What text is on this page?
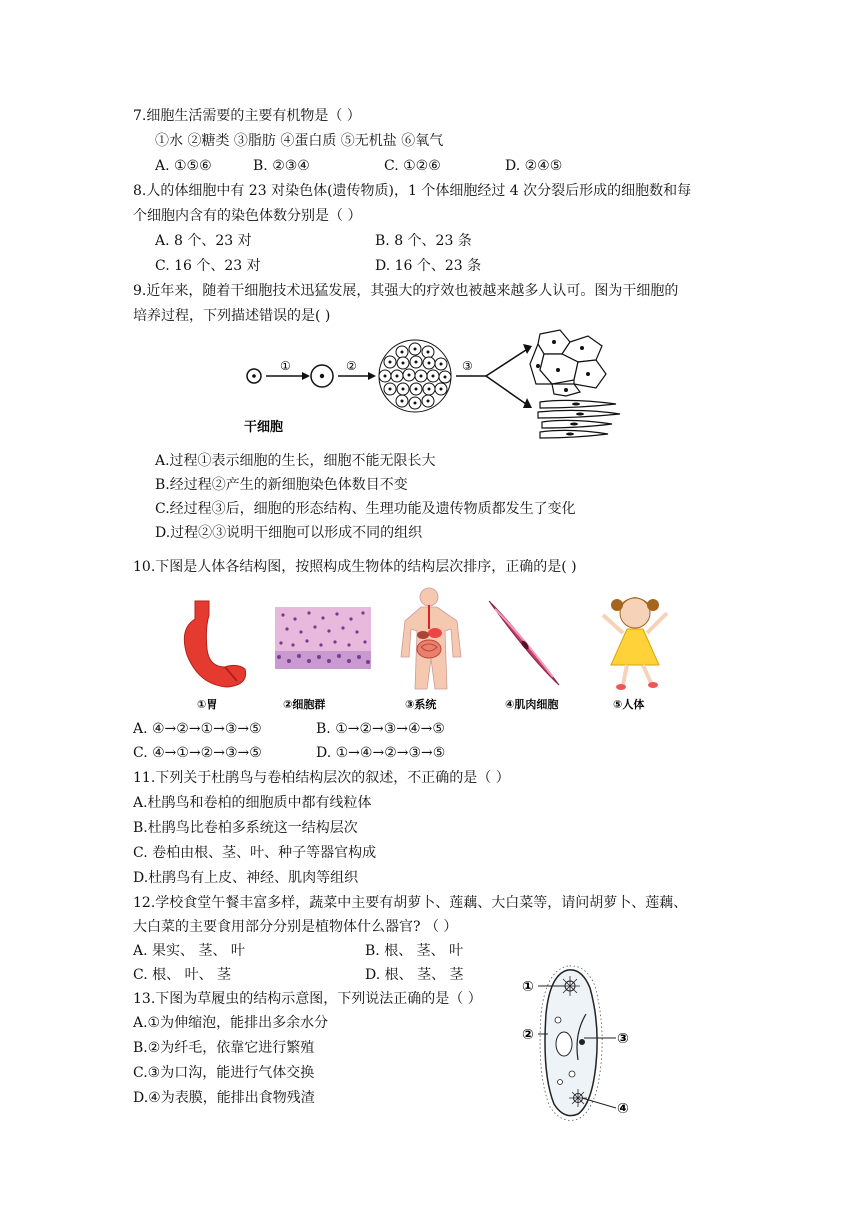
7.细胞生活需要的主要有机物是（ ）
①水 ②糖类 ③脂肪 ④蛋白质 ⑤无机盐 ⑥氧气
A. ①⑤⑥	B. ②③④	C. ①②⑥	D. ②④⑤
8.人的体细胞中有 23 对染色体(遗传物质)，1 个体细胞经过 4 次分裂后形成的细胞数和每
个细胞内含有的染色体数分别是（ ）
A. 8 个、23 对	B. 8 个、23 条
C. 16 个、23 对	D. 16 个、23 条
9.近年来，随着干细胞技术迅猛发展，其强大的疗效也被越来越多人认可。图为干细胞的
培养过程，下列描述错误的是( )
干细胞
①	②	③
A.过程①表示细胞的生长，细胞不能无限长大
B.经过程②产生的新细胞染色体数目不变
C.经过程③后，细胞的形态结构、生理功能及遗传物质都发生了变化
D.过程②③说明干细胞可以形成不同的组织
10.下图是人体各结构图，按照构成生物体的结构层次排序，正确的是( )
①胃	②细胞群	③系统	④肌肉细胞	⑤人体
A. ④→②→①→③→⑤	B. ①→②→③→④→⑤
C. ④→①→②→③→⑤	D. ①→④→②→③→⑤
11.下列关于杜鹃鸟与卷柏结构层次的叙述，不正确的是（ ）
A.杜鹃鸟和卷柏的细胞质中都有线粒体
B.杜鹃鸟比卷柏多系统这一结构层次
C. 卷柏由根、茎、叶、种子等器官构成
D.杜鹃鸟有上皮、神经、肌肉等组织
12.学校食堂午餐丰富多样，蔬菜中主要有胡萝卜、莲藕、大白菜等，请问胡萝卜、莲藕、
大白菜的主要食用部分分别是植物体什么器官? （ ）
A. 果实、 茎、 叶	B. 根、 茎、 叶
C. 根、 叶、 茎	D. 根、 茎、 茎
13.下图为草履虫的结构示意图，下列说法正确的是（ ）
A.①为伸缩泡，能排出多余水分
B.②为纤毛，依靠它进行繁殖
C.③为口沟，能进行气体交换
D.④为表膜，能排出食物残渣
①
②	③
④
